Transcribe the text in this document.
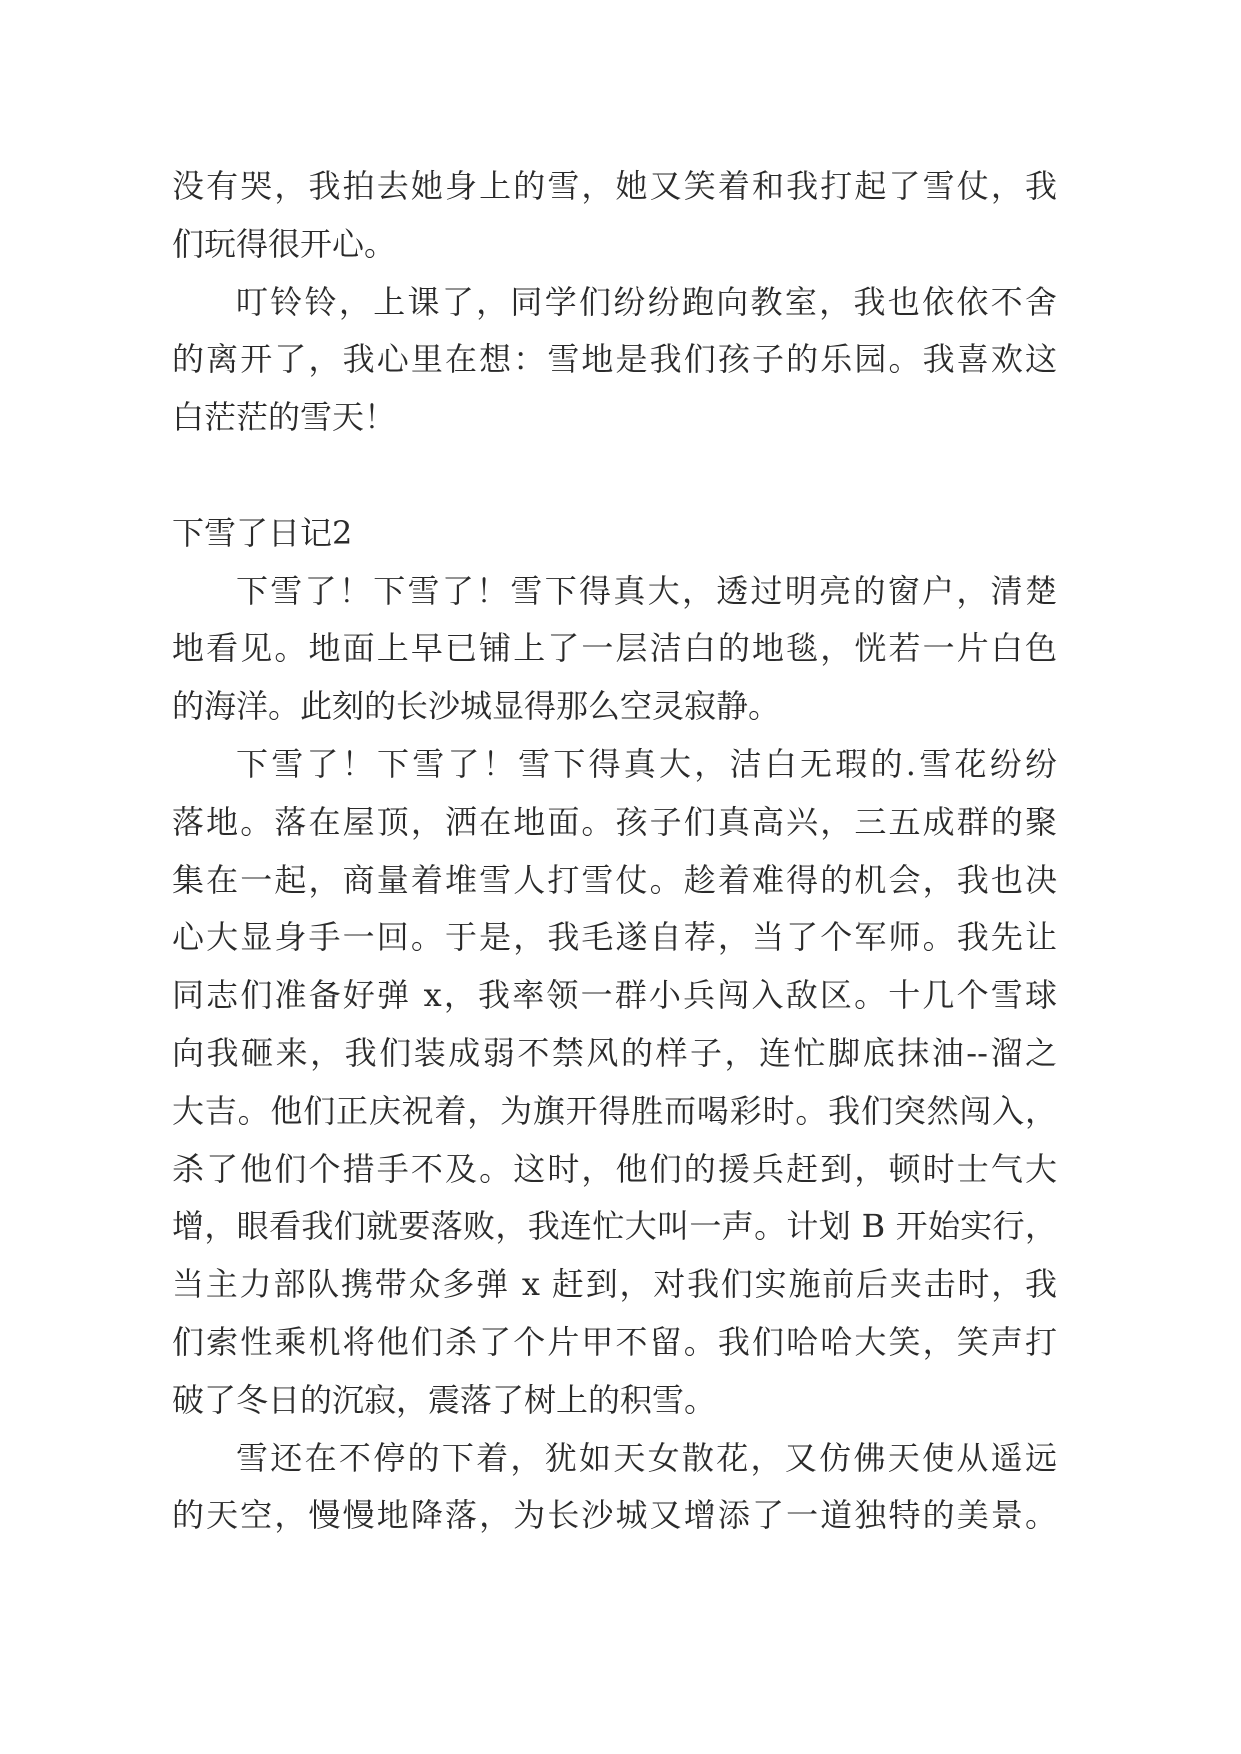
没有哭，我拍去她身上的雪，她又笑着和我打起了雪仗，我
们玩得很开心。
叮铃铃，上课了，同学们纷纷跑向教室，我也依依不舍
的离开了，我心里在想：雪地是我们孩子的乐园。我喜欢这
白茫茫的雪天！
下雪了日记2
下雪了！下雪了！雪下得真大，透过明亮的窗户，清楚
地看见。地面上早已铺上了一层洁白的地毯，恍若一片白色
的海洋。此刻的长沙城显得那么空灵寂静。
下雪了！下雪了！雪下得真大，洁白无瑕的.雪花纷纷
落地。落在屋顶，洒在地面。孩子们真高兴，三五成群的聚
集在一起，商量着堆雪人打雪仗。趁着难得的机会，我也决
心大显身手一回。于是，我毛遂自荐，当了个军师。我先让
同志们准备好弹 x，我率领一群小兵闯入敌区。十几个雪球
向我砸来，我们装成弱不禁风的样子，连忙脚底抹油--溜之
大吉。他们正庆祝着，为旗开得胜而喝彩时。我们突然闯入，
杀了他们个措手不及。这时，他们的援兵赶到，顿时士气大
增，眼看我们就要落败，我连忙大叫一声。计划 B 开始实行，
当主力部队携带众多弹 x 赶到，对我们实施前后夹击时，我
们索性乘机将他们杀了个片甲不留。我们哈哈大笑，笑声打
破了冬日的沉寂，震落了树上的积雪。
雪还在不停的下着，犹如天女散花，又仿佛天使从遥远
的天空，慢慢地降落，为长沙城又增添了一道独特的美景。
